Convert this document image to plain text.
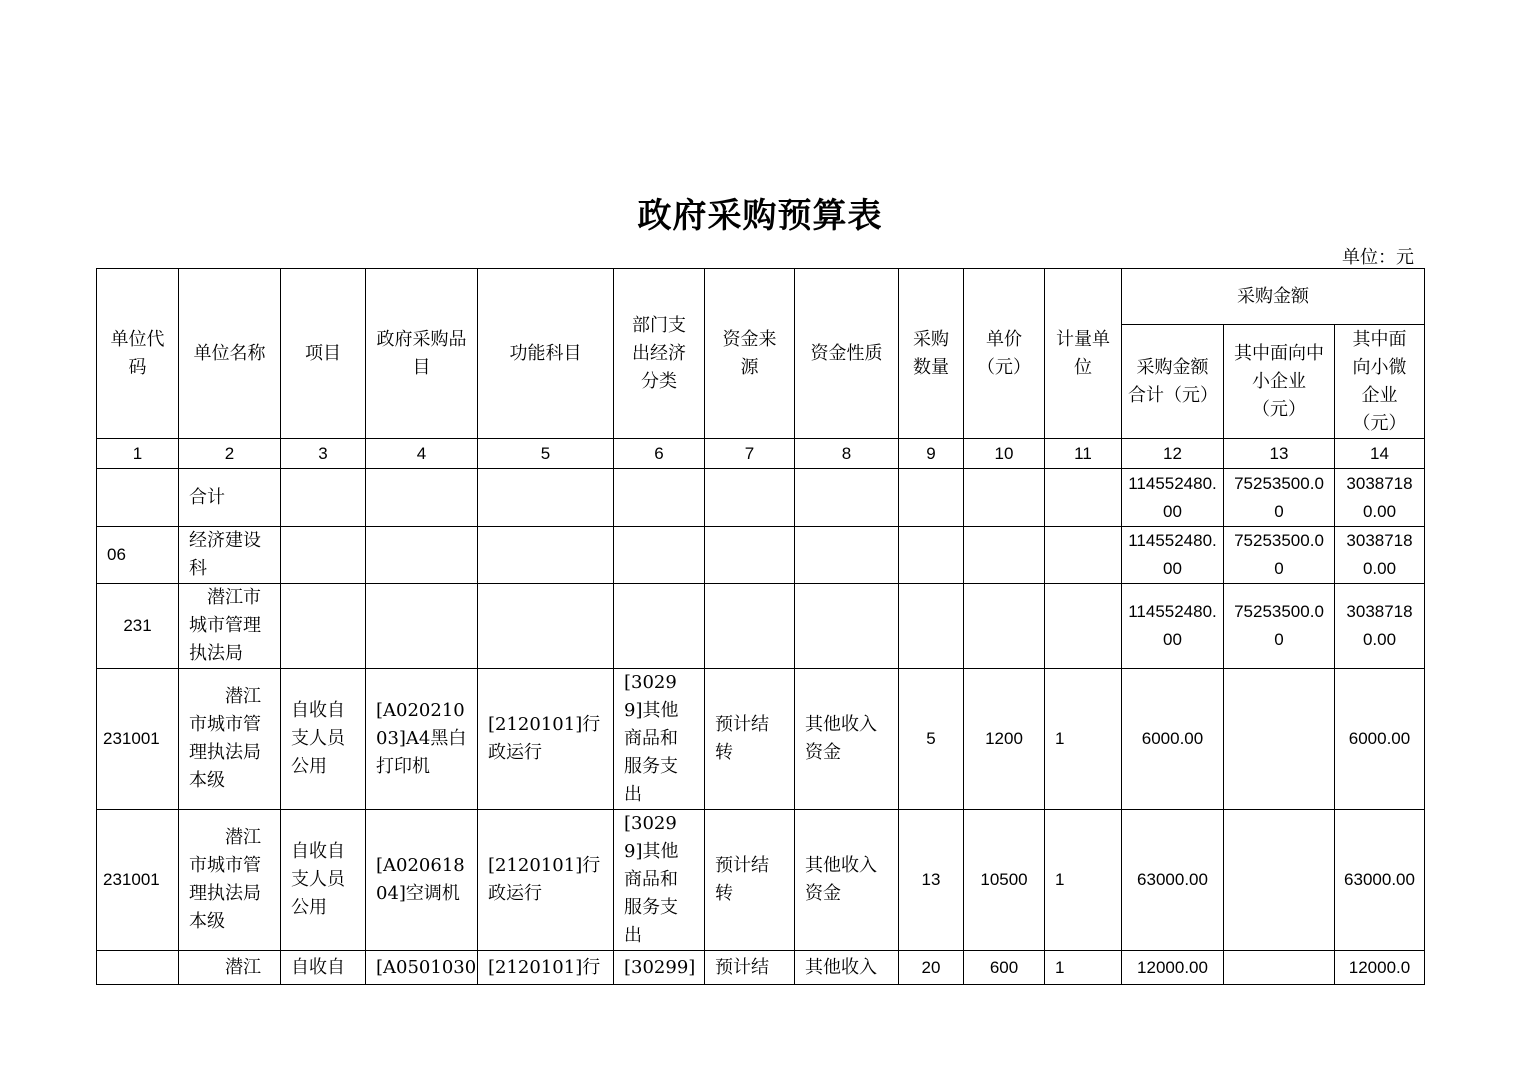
政府采购预算表
单位：元
单位代码	单位名称	项目	政府采购品目	功能科目	部门支出经济分类	资金来源	资金性质	采购数量	单价（元）	计量单位	采购金额		
											采购金额合计（元）	其中面向中小企业（元）	其中面向小微企业（元）
1	2	3	4	5	6	7	8	9	10	11	12	13	14
	合计										114552480.00	75253500.00	30387180.00
06	经济建设科										114552480.00	75253500.00	30387180.00
231	潜江市城市管理执法局										114552480.00	75253500.00	30387180.00
231001	潜江市城市管理执法局本级	自收自支人员公用	[A02021003]A4黑白打印机	[2120101]行政运行	[30299]其他商品和服务支出	预计结转	其他收入资金	5	1200	1	6000.00		6000.00
231001	潜江市城市管理执法局本级	自收自支人员公用	[A02061804]空调机	[2120101]行政运行	[30299]其他商品和服务支出	预计结转	其他收入资金	13	10500	1	63000.00		63000.00
	潜江	自收自	[A0501030	[2120101]行	[30299]	预计结	其他收入	20	600	1	12000.00		12000.0
